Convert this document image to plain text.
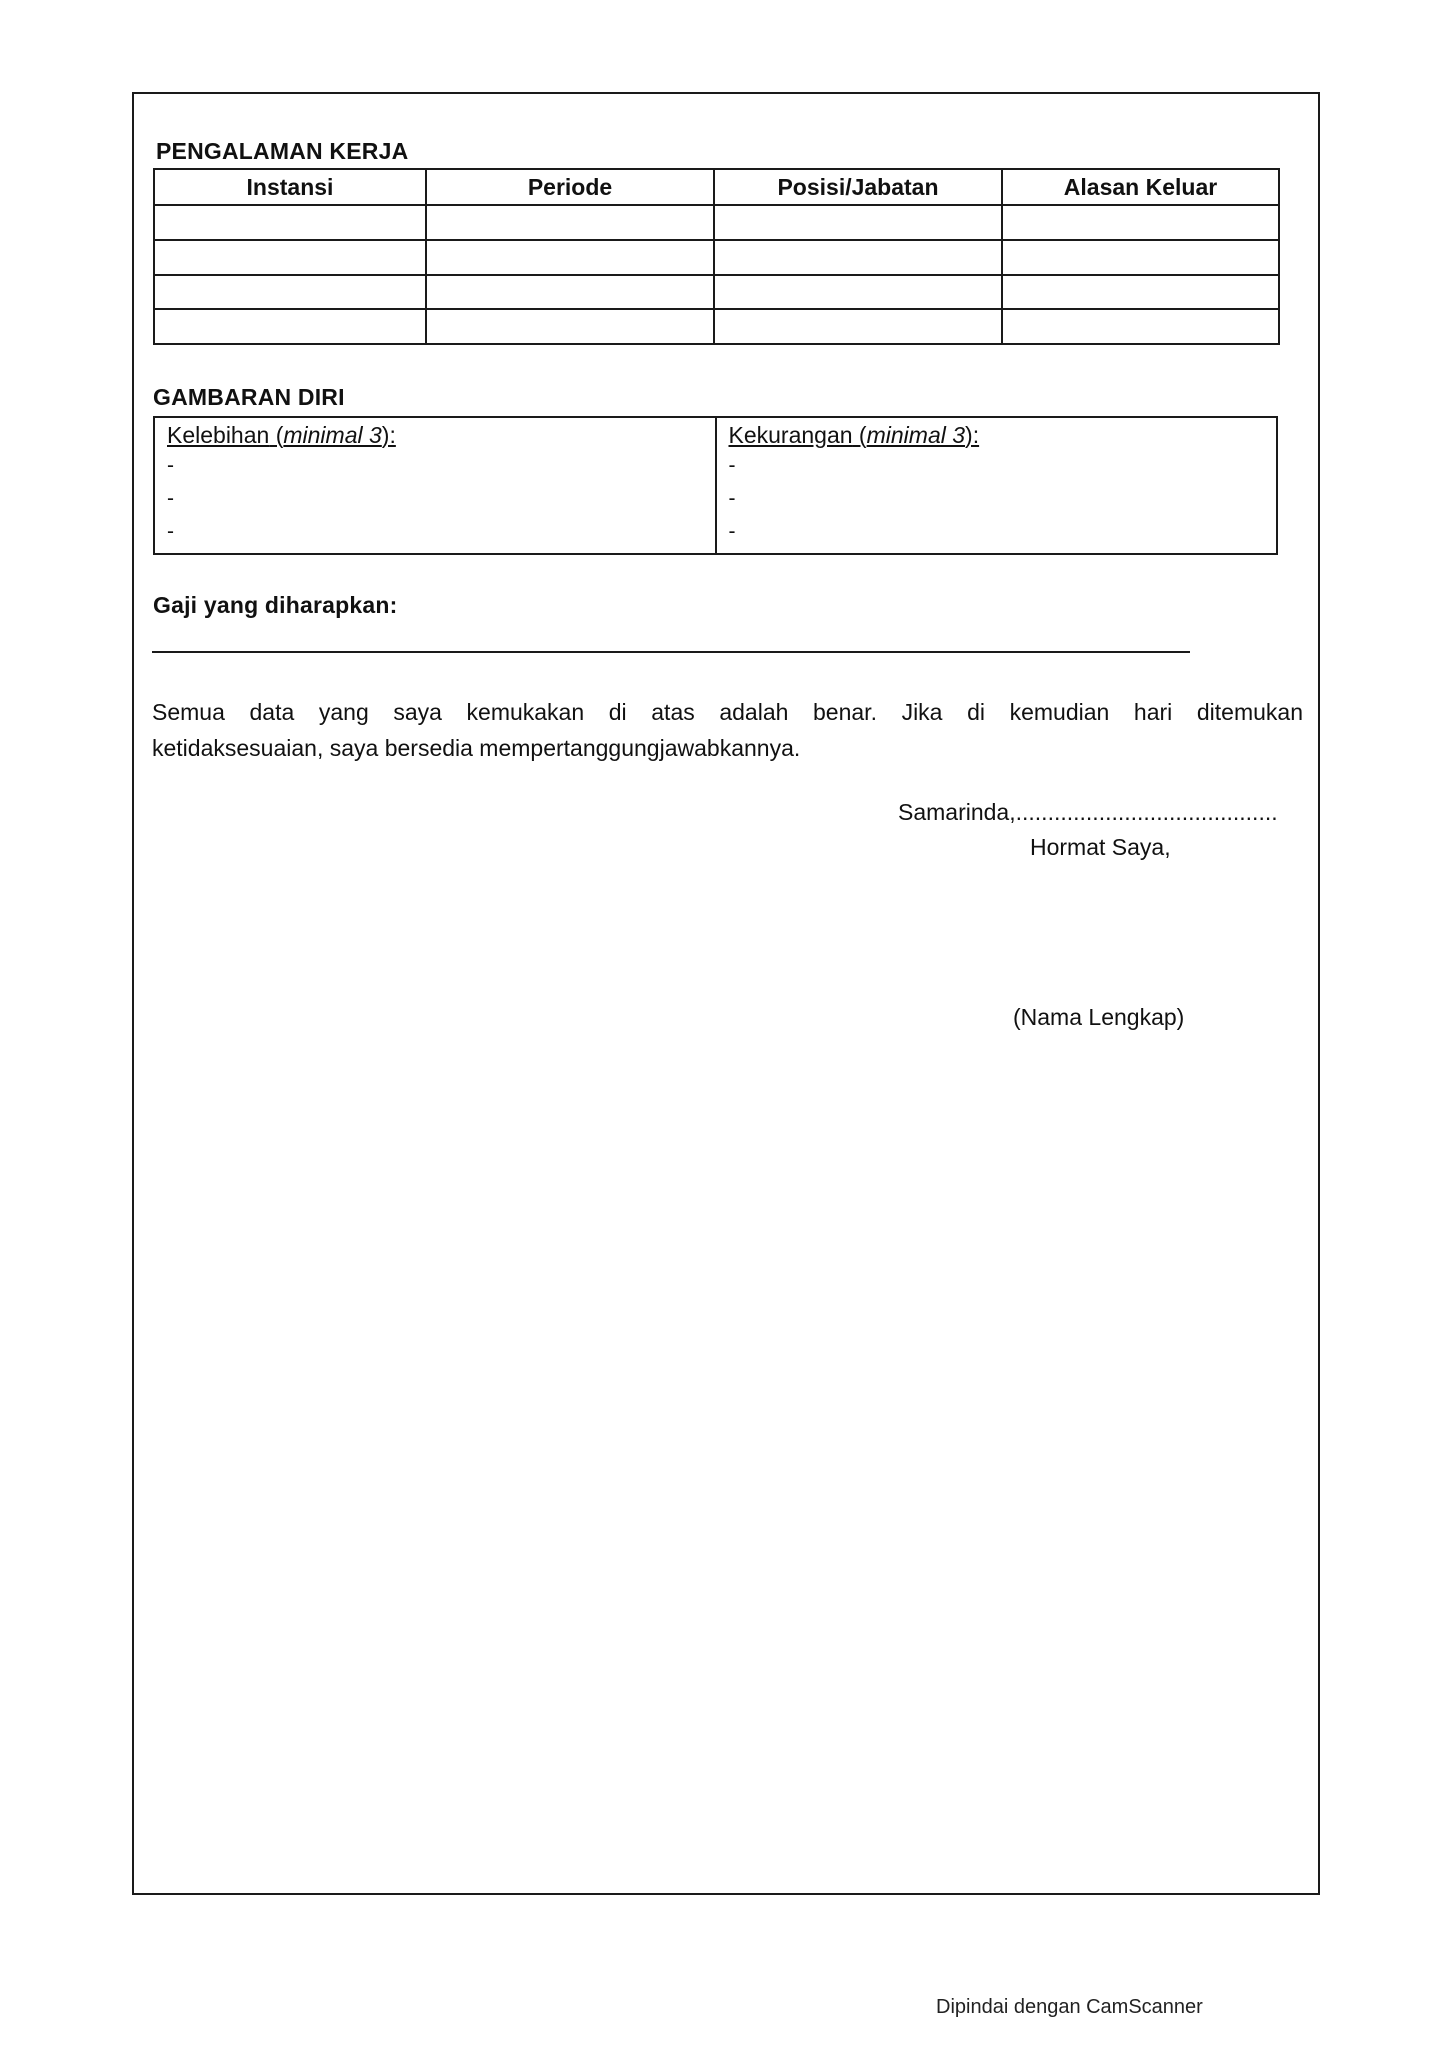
PENGALAMAN KERJA
Instansi	Periode	Posisi/Jabatan	Alasan Keluar

GAMBARAN DIRI
Kelebihan (minimal 3):
-
-
-
Kekurangan (minimal 3):
-
-
-
Gaji yang diharapkan:
Semua data yang saya kemukakan di atas adalah benar. Jika di kemudian hari ditemukan
ketidaksesuaian, saya bersedia mempertanggungjawabkannya.
Samarinda,.........................................
Hormat Saya,
(Nama Lengkap)
Dipindai dengan CamScanner
